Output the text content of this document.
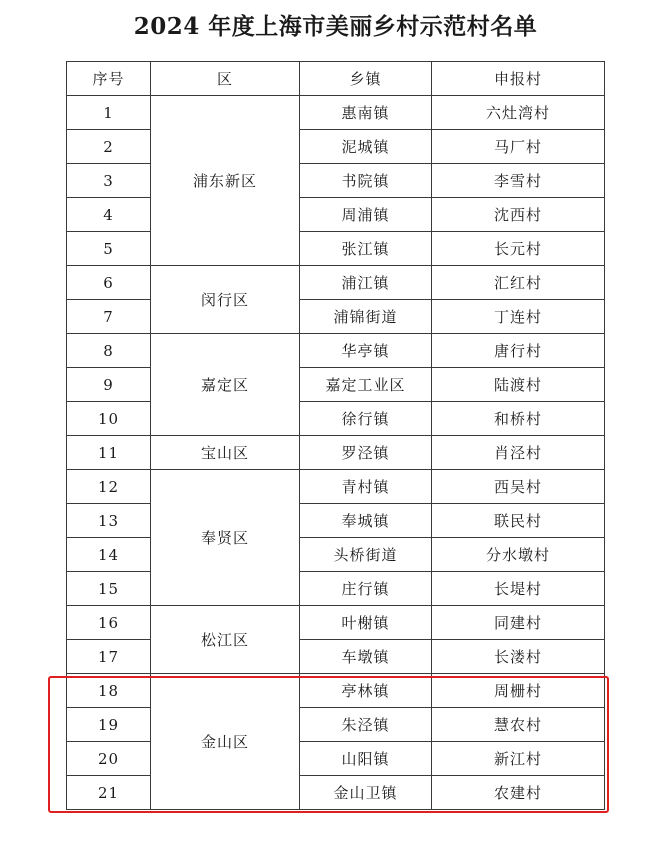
2024 年度上海市美丽乡村示范村名单
序号	区	乡镇	申报村
1	浦东新区	惠南镇	六灶湾村
2		泥城镇	马厂村
3		书院镇	李雪村
4		周浦镇	沈西村
5		张江镇	长元村
6	闵行区	浦江镇	汇红村
7		浦锦街道	丁连村
8	嘉定区	华亭镇	唐行村
9		嘉定工业区	陆渡村
10		徐行镇	和桥村
11	宝山区	罗泾镇	肖泾村
12	奉贤区	青村镇	西吴村
13		奉城镇	联民村
14		头桥街道	分水墩村
15		庄行镇	长堤村
16	松江区	叶榭镇	同建村
17		车墩镇	长溇村
18	金山区	亭林镇	周栅村
19		朱泾镇	慧农村
20		山阳镇	新江村
21		金山卫镇	农建村
